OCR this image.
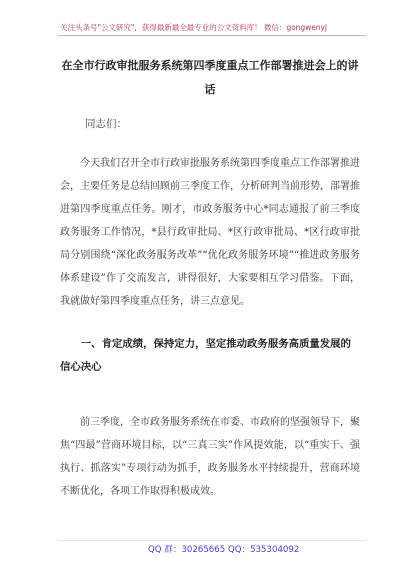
关注头条号"公文研究"，获得最新最全最专业的公文资料库！ 微信：gongwenyj
在全市行政审批服务系统第四季度重点工作部署推进会上的讲话
同志们：
今天我们召开全市行政审批服务系统第四季度重点工作部署推进会，主要任务是总结回顾前三季度工作，分析研判当前形势，部署推进第四季度重点任务。刚才，市政务服务中心*同志通报了前三季度政务服务工作情况，*县行政审批局、*区行政审批局、*区行政审批局分别围绕“深化政务服务改革”“优化政务服务环境”“推进政务服务体系建设”作了交流发言，讲得很好，大家要相互学习借鉴。下面，我就做好第四季度重点任务，讲三点意见。
一、肯定成绩，保持定力，坚定推动政务服务高质量发展的信心决心
前三季度，全市政务服务系统在市委、市政府的坚强领导下，聚焦“四最”营商环境目标，以“三真三实”作风提效能，以“重实干、强执行、抓落实”专项行动为抓手，政务服务水平持续提升，营商环境不断优化，各项工作取得积极成效。
QQ 群：30265665 QQ：535304092
